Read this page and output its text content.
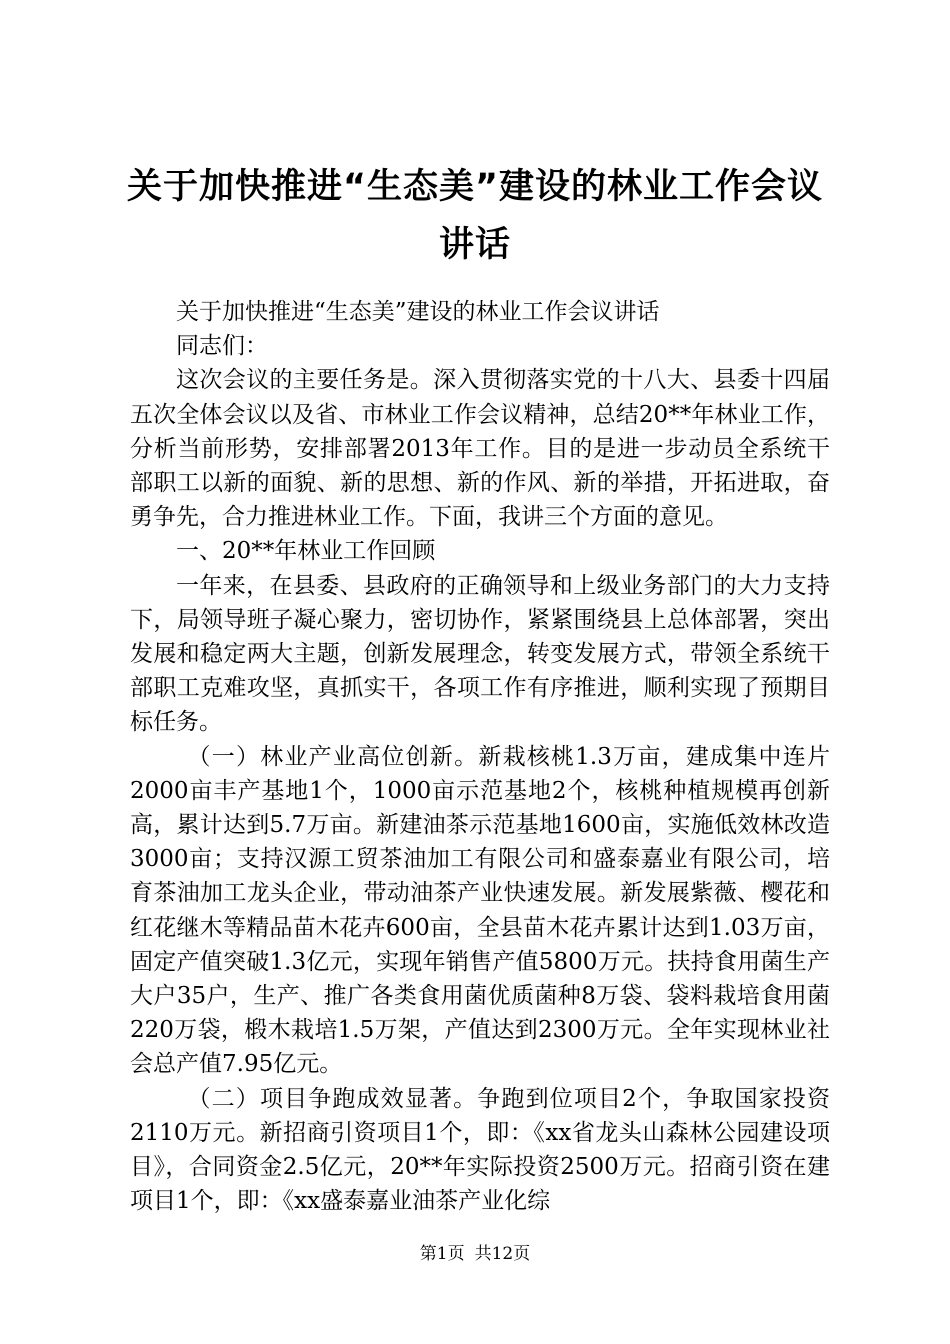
关于加快推进“生态美”建设的林业工作会议讲话

关于加快推进“生态美”建设的林业工作会议讲话

同志们：

这次会议的主要任务是。深入贯彻落实党的十八大、县委十四届五次全体会议以及省、市林业工作会议精神，总结20**年林业工作，分析当前形势，安排部署2013年工作。目的是进一步动员全系统干部职工以新的面貌、新的思想、新的作风、新的举措，开拓进取，奋勇争先，合力推进林业工作。下面，我讲三个方面的意见。

一、20**年林业工作回顾

一年来，在县委、县政府的正确领导和上级业务部门的大力支持下，局领导班子凝心聚力，密切协作，紧紧围绕县上总体部署，突出发展和稳定两大主题，创新发展理念，转变发展方式，带领全系统干部职工克难攻坚，真抓实干，各项工作有序推进，顺利实现了预期目标任务。

（一）林业产业高位创新。新栽核桃1.3万亩，建成集中连片2000亩丰产基地1个，1000亩示范基地2个，核桃种植规模再创新高，累计达到5.7万亩。新建油茶示范基地1600亩，实施低效林改造3000亩；支持汉源工贸茶油加工有限公司和盛泰嘉业有限公司，培育茶油加工龙头企业，带动油茶产业快速发展。新发展紫薇、樱花和红花继木等精品苗木花卉600亩，全县苗木花卉累计达到1.03万亩，固定产值突破1.3亿元，实现年销售产值5800万元。扶持食用菌生产大户35户，生产、推广各类食用菌优质菌种8万袋、袋料栽培食用菌220万袋，椴木栽培1.5万架，产值达到2300万元。全年实现林业社会总产值7.95亿元。

（二）项目争跑成效显著。争跑到位项目2个，争取国家投资2110万元。新招商引资项目1个，即：《xx省龙头山森林公园建设项目》，合同资金2.5亿元，20**年实际投资2500万元。招商引资在建项目1个，即：《xx盛泰嘉业油茶产业化综

第1页 共12页
